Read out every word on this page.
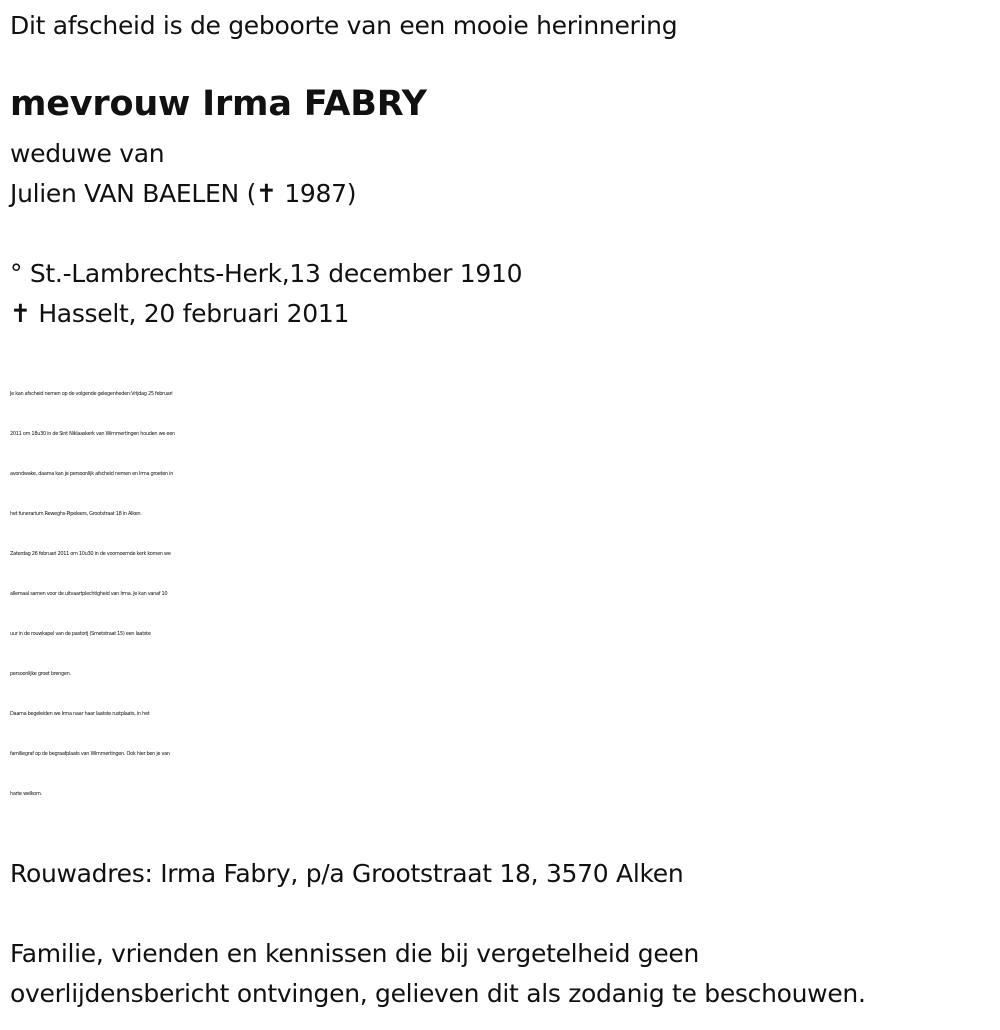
Dit afscheid is de geboorte van een mooie herinnering
mevrouw Irma FABRY
weduwe van
Julien VAN BAELEN (✝ 1987)
° St.-Lambrechts-Herk,13 december 1910
✝ Hasselt, 20 februari 2011
Je kan afscheid nemen op de volgende gelegenheden:Vrijdag 25 februari
2011 om 18u30 in de Sint Niklaaskerk van Wimmertingen houden we een
avondwake, daarna kan je persoonlijk afscheid nemen en Irma groeten in
het funerarium Reweghs-Pipeleers, Grootstraat 18 in Alken.
Zaterdag 26 februari 2011 om 10u30 in de voornoemde kerk komen we
allemaal samen voor de uitvaartplechtigheid van Irma. Je kan vanaf 10
uur in de rouwkapel van de pastorij (Smetstraat 15) een laatste
persoonlijke groet brengen.
Daarna begeleiden we Irma naar haar laatste rustplaats, in het
familiegraf op de begraafplaats van Wimmertingen. Ook hier ben je van
harte welkom.
Rouwadres: Irma Fabry, p/a Grootstraat 18, 3570 Alken
Familie, vrienden en kennissen die bij vergetelheid geen
overlijdensbericht ontvingen, gelieven dit als zodanig te beschouwen.
